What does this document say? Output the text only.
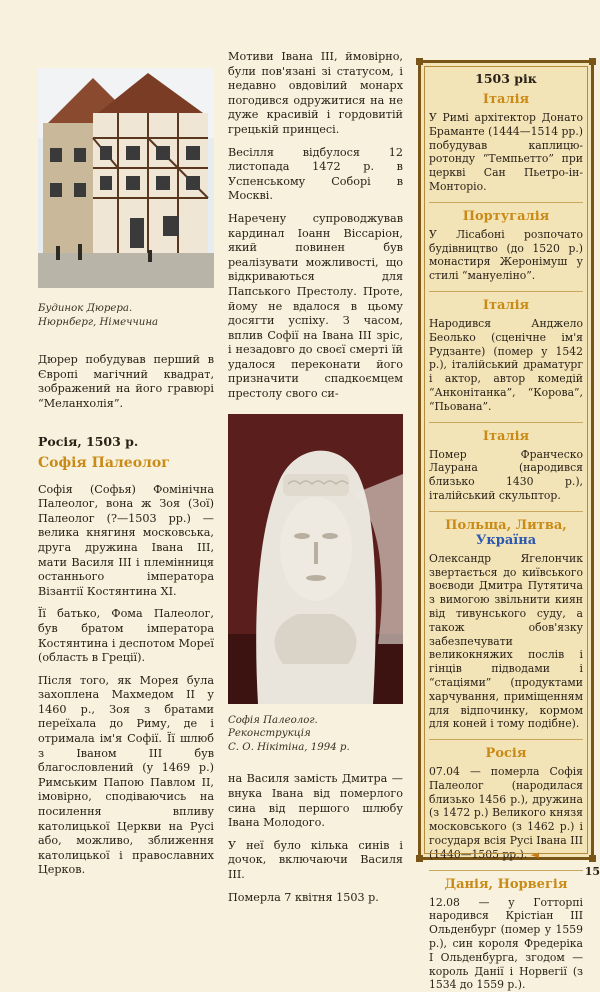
Будинок Дюрера.
Нюрнберг, Німеччина

Дюрер побудував перший в Європі магічний квадрат, зображений на його гравюрі “Меланхолія”.

Росія, 1503 р.

Софія Палеолог

Софія (Софья) Фомінічна Палеолог, вона ж Зоя (Зої) Палеолог (?—1503 рр.) — велика княгиня московська, друга дружина Івана III, мати Василя III і племінниця останнього імператора Візантії Костянтина XI.

Її батько, Фома Палеолог, був братом імператора Костянтина і деспотом Мореї (область в Греції).

Після того, як Морея була захоплена Махмедом II у 1460 р., Зоя з братами переїхала до Риму, де і отримала ім'я Софії. Її шлюб з Іваном III був благословлений (у 1469 р.) Римським Папою Павлом II, імовірно, сподіваючись на посилення впливу католицької Церкви на Русі або, можливо, зближення католицької і православних Церков.

Мотиви Івана III, ймовірно, були пов'язані зі статусом, і недавно овдовілий монарх погодився одружитися на не дуже красивій і гордовитій грецькій принцесі.

Весілля відбулося 12 листопада 1472 р. в Успенському Соборі в Москві.

Наречену супроводжував кардинал Іоанн Віссаріон, який повинен був реалізувати можливості, що відкриваються для Папського Престолу. Проте, йому не вдалося в цьому досягти успіху. З часом, вплив Софії на Івана III зріс, і незадовго до своєї смерті їй удалося переконати його призначити спадкоємцем престолу свого си-

Софія Палеолог. Реконструкція
С. О. Нікітіна, 1994 р.

на Василя замість Дмитра — внука Івана від померлого сина від першого шлюбу Івана Молодого.

У неї було кілька синів і дочок, включаючи Василя III.

Померла 7 квітня 1503 р.

1503 рік

Італія

У Римі архітектор Донато Браманте (1444—1514 рр.) побудував каплицю-ротонду “Темпьетто” при церкві Сан Пьетро-ін-Монторіо.

Португалія

У Лісабоні розпочато будівництво (до 1520 р.) монастиря Жеронімуш у стилі “мануеліно”.

Італія

Народився Анджело Беолько (сценічне ім'я Рудзанте) (помер у 1542 р.), італійський драматург і актор, автор комедій “Анконітанка”, “Корова”, “Пьована”.

Італія

Помер Франческо Лаурана (народився близько 1430 р.), італійський скульптор.

Польща, Литва,
Україна

Олександр Ягелончик звертається до київського воєводи Дмитра Путятича з вимогою звільнити киян від тивунського суду, а також обов'язку забезпечувати великокняжих послів і гінців підводами і “стаціями” (продуктами харчування, приміщенням для відпочинку, кормом для коней і тому подібне).

Росія

07.04 — померла Софія Палеолог (народилася близько 1456 р.), дружина (з 1472 р.) Великого князя московського (з 1462 р.) і государя всія Русі Івана III (1440—1505 рр.). ◄

Данія, Норвегія

12.08 — у Готторпі народився Крістіан III Ольденбург (помер у 1559 р.), син короля Фредеріка I Ольденбурга, згодом — король Данії і Норвегії (з 1534 до 1559 р.).

15
